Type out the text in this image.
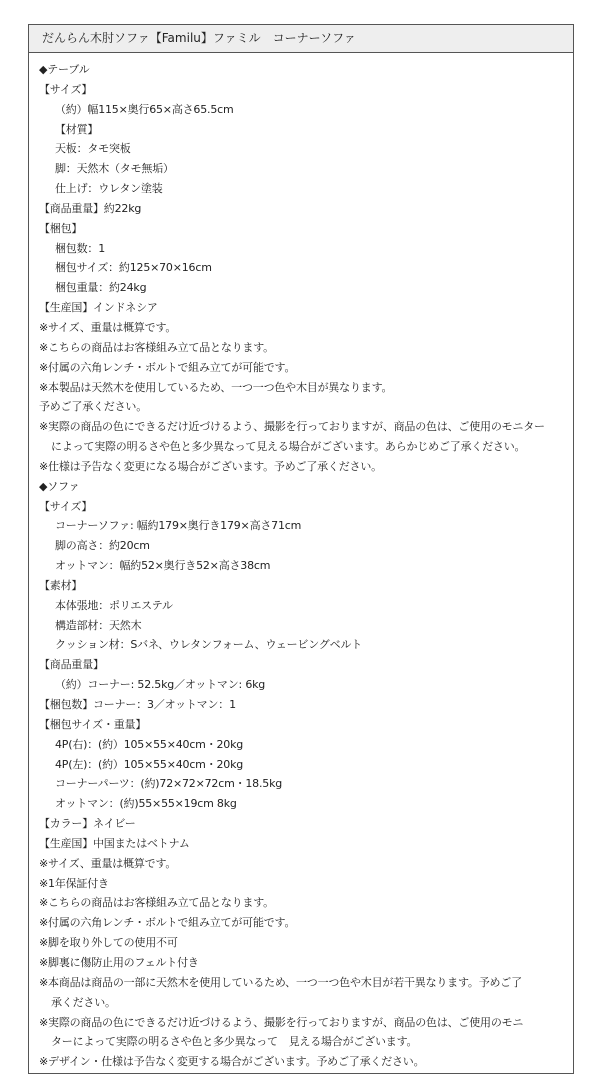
だんらん木肘ソファ【Familu】ファミル　コーナーソファ
◆テーブル
【サイズ】
（約）幅115×奥行65×高さ65.5cm
【材質】
天板：タモ突板
脚：天然木（タモ無垢）
仕上げ：ウレタン塗装
【商品重量】約22kg
【梱包】
梱包数：1
梱包サイズ：約125×70×16cm
梱包重量：約24kg
【生産国】インドネシア
※サイズ、重量は概算です。
※こちらの商品はお客様組み立て品となります。
※付属の六角レンチ・ボルトで組み立てが可能です。
※本製品は天然木を使用しているため、一つ一つ色や木目が異なります。
予めご了承ください。
※実際の商品の色にできるだけ近づけるよう、撮影を行っておりますが、商品の色は、ご使用のモニター
によって実際の明るさや色と多少異なって見える場合がございます。あらかじめご了承ください。
※仕様は予告なく変更になる場合がございます。予めご了承ください。
◆ソファ
【サイズ】
コーナーソファ: 幅約179×奥行き179×高さ71cm
脚の高さ：約20cm
オットマン：幅約52×奥行き52×高さ38cm
【素材】
本体張地：ポリエステル
構造部材：天然木
クッション材：Sバネ、ウレタンフォーム、ウェービングベルト
【商品重量】
（約）コーナー: 52.5kg／オットマン: 6kg
【梱包数】コーナー：3／オットマン：1
【梱包サイズ・重量】
4P(右)：(約）105×55×40cm・20kg
4P(左)：(約）105×55×40cm・20kg
コーナーパーツ：(約)72×72×72cm・18.5kg
オットマン：(約)55×55×19cm 8kg
【カラー】ネイビー
【生産国】中国またはベトナム
※サイズ、重量は概算です。
※1年保証付き
※こちらの商品はお客様組み立て品となります。
※付属の六角レンチ・ボルトで組み立てが可能です。
※脚を取り外しての使用不可
※脚裏に傷防止用のフェルト付き
※本商品は商品の一部に天然木を使用しているため、一つ一つ色や木目が若干異なります。予めご了
承ください。
※実際の商品の色にできるだけ近づけるよう、撮影を行っておりますが、商品の色は、ご使用のモニ
ターによって実際の明るさや色と多少異なって　見える場合がございます。
※デザイン・仕様は予告なく変更する場合がございます。予めご了承ください。
